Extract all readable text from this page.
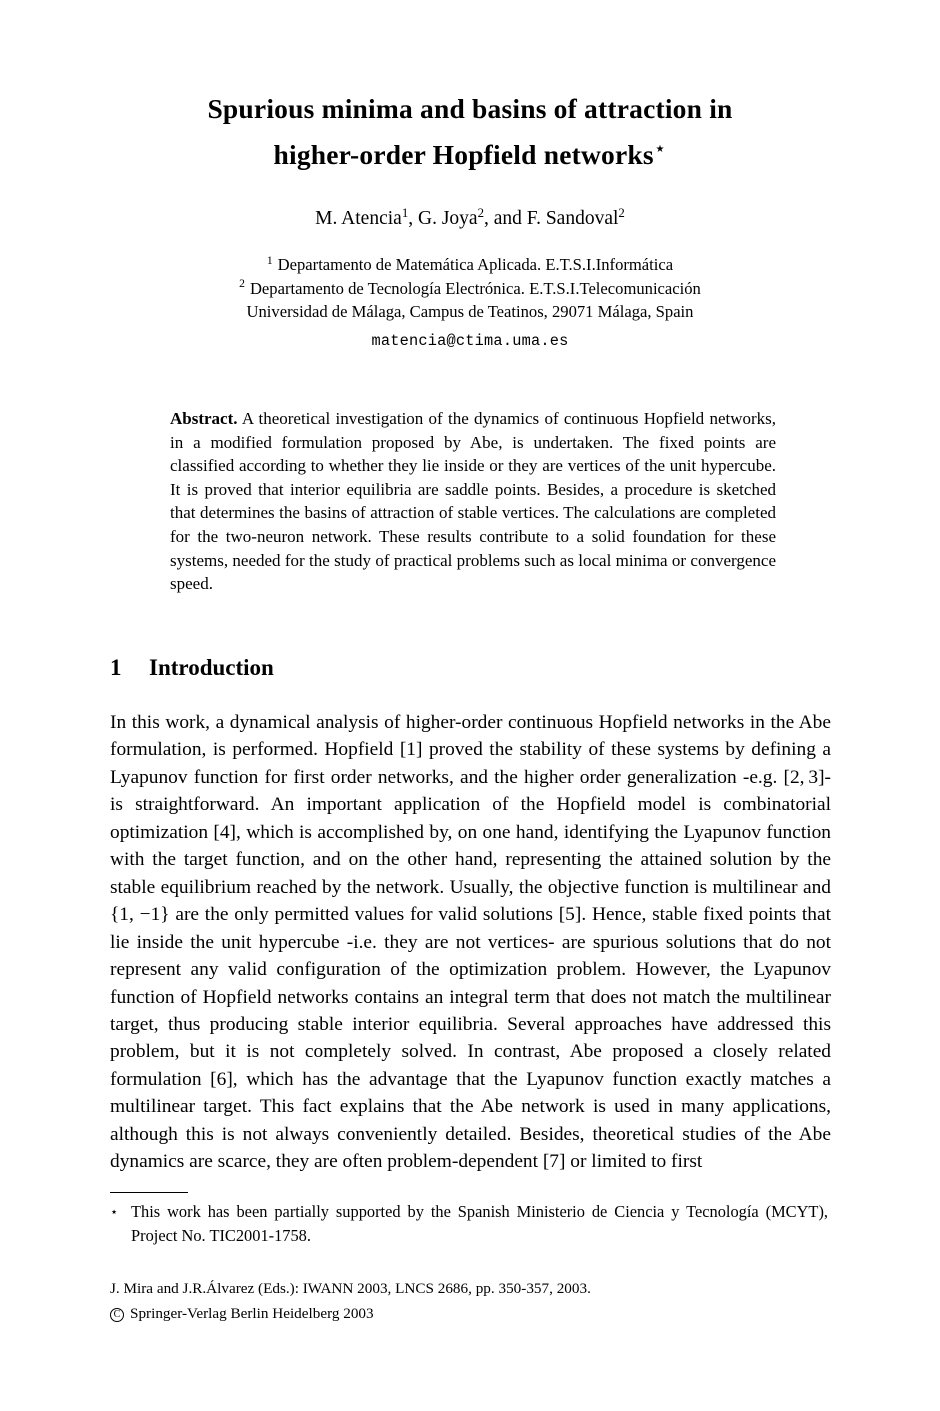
Spurious minima and basins of attraction in
higher-order Hopfield networks⋆
M. Atencia$^1$, G. Joya$^2$, and F. Sandoval$^2$
$^1$ Departamento de Matemática Aplicada. E.T.S.I.Informática
$^2$ Departamento de Tecnología Electrónica. E.T.S.I.Telecomunicación
Universidad de Málaga, Campus de Teatinos, 29071 Málaga, Spain
matencia@ctima.uma.es
Abstract. A theoretical investigation of the dynamics of continuous Hopfield networks, in a modified formulation proposed by Abe, is undertaken. The fixed points are classified according to whether they lie inside or they are vertices of the unit hypercube. It is proved that interior equilibria are saddle points. Besides, a procedure is sketched that determines the basins of attraction of stable vertices. The calculations are completed for the two-neuron network. These results contribute to a solid foundation for these systems, needed for the study of practical problems such as local minima or convergence speed.
1 Introduction
In this work, a dynamical analysis of higher-order continuous Hopfield networks in the Abe formulation, is performed. Hopfield [1] proved the stability of these systems by defining a Lyapunov function for first order networks, and the higher order generalization -e.g. [2, 3]- is straightforward. An important application of the Hopfield model is combinatorial optimization [4], which is accomplished by, on one hand, identifying the Lyapunov function with the target function, and on the other hand, representing the attained solution by the stable equilibrium reached by the network. Usually, the objective function is multilinear and {1, −1} are the only permitted values for valid solutions [5]. Hence, stable fixed points that lie inside the unit hypercube -i.e. they are not vertices- are spurious solutions that do not represent any valid configuration of the optimization problem. However, the Lyapunov function of Hopfield networks contains an integral term that does not match the multilinear target, thus producing stable interior equilibria. Several approaches have addressed this problem, but it is not completely solved. In contrast, Abe proposed a closely related formulation [6], which has the advantage that the Lyapunov function exactly matches a multilinear target. This fact explains that the Abe network is used in many applications, although this is not always conveniently detailed. Besides, theoretical studies of the Abe dynamics are scarce, they are often problem-dependent [7] or limited to first
⋆ This work has been partially supported by the Spanish Ministerio de Ciencia y Tecnología (MCYT), Project No. TIC2001-1758.
J. Mira and J.R.Álvarez (Eds.): IWANN 2003, LNCS 2686, pp. 350-357, 2003.
C Springer-Verlag Berlin Heidelberg 2003
